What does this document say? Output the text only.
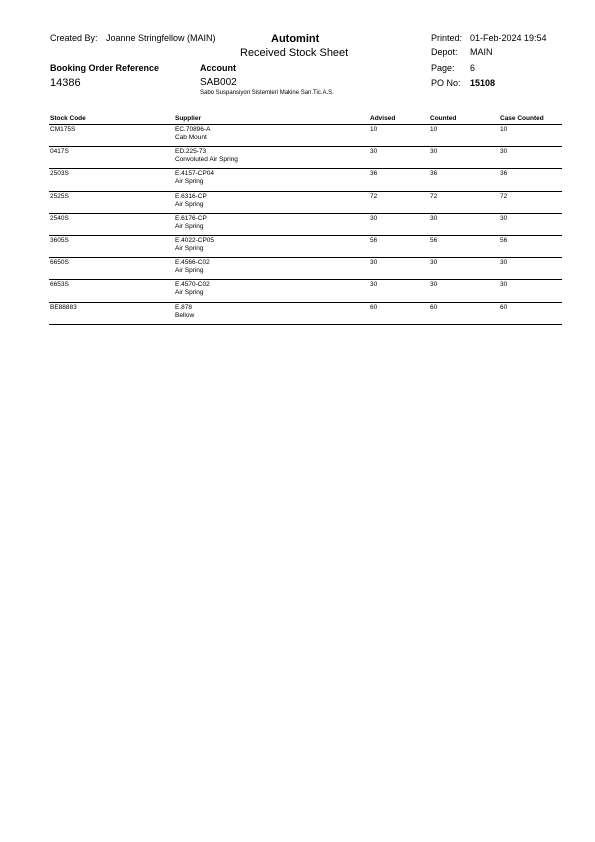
Created By: Joanne Stringfellow (MAIN)	Automint
Received Stock Sheet
Printed: 01-Feb-2024 19:54
Depot: MAIN
Page: 6
PO No: 15108
Booking Order Reference
14386
Account
SAB002
Sabo Suspansiyon Sistemleri Makine San.Tic.A.S.
Stock Code	Supplier	Advised	Counted	Case Counted
CM175S	EC.70896-A
Cab Mount
10	10	10
0417S	ED.225-73
Convoluted Air Spring
30	30	30
2503S	E.4157-CP04
Air Spring
36	36	36
2525S	E.6316-CP
Air Spring
72	72	72
2540S	E.6176-CP
Air Spring
30	30	30
3605S	E.4022-CP05
Air Spring
56	56	56
6650S	E.4566-C02
Air Spring
30	30	30
6653S	E.4570-C02
Air Spring
30	30	30
BE88883	E.878
Bellow
60	60	60
